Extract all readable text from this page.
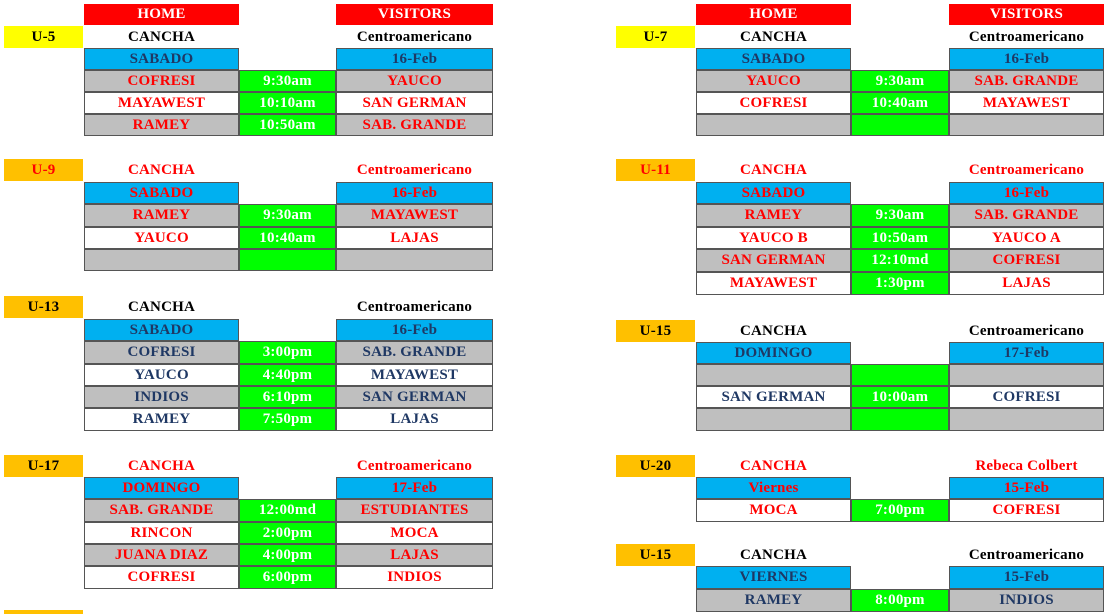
HOME	VISITORS
U-5	CANCHA	Centroamericano
SABADO	16-Feb
COFRESI	9:30am	YAUCO
MAYAWEST	10:10am	SAN GERMAN
RAMEY	10:50am	SAB. GRANDE
HOME	VISITORS
U-7	CANCHA	Centroamericano
SABADO	16-Feb
YAUCO	9:30am	SAB. GRANDE
COFRESI	10:40am	MAYAWEST
U-9	CANCHA	Centroamericano
SABADO	16-Feb
RAMEY	9:30am	MAYAWEST
YAUCO	10:40am	LAJAS
U-11	CANCHA	Centroamericano
SABADO	16-Feb
RAMEY	9:30am	SAB. GRANDE
YAUCO B	10:50am	YAUCO A
SAN GERMAN	12:10md	COFRESI
MAYAWEST	1:30pm	LAJAS
U-13	CANCHA	Centroamericano
SABADO	16-Feb
COFRESI	3:00pm	SAB. GRANDE
YAUCO	4:40pm	MAYAWEST
INDIOS	6:10pm	SAN GERMAN
RAMEY	7:50pm	LAJAS
U-15	CANCHA	Centroamericano
DOMINGO	17-Feb
SAN GERMAN	10:00am	COFRESI
U-17	CANCHA	Centroamericano
DOMINGO	17-Feb
SAB. GRANDE	12:00md	ESTUDIANTES
RINCON	2:00pm	MOCA
JUANA DIAZ	4:00pm	LAJAS
COFRESI	6:00pm	INDIOS
U-20	CANCHA	Rebeca Colbert
Viernes	15-Feb
MOCA	7:00pm	COFRESI
U-15	CANCHA	Centroamericano
VIERNES	15-Feb
RAMEY	8:00pm	INDIOS
